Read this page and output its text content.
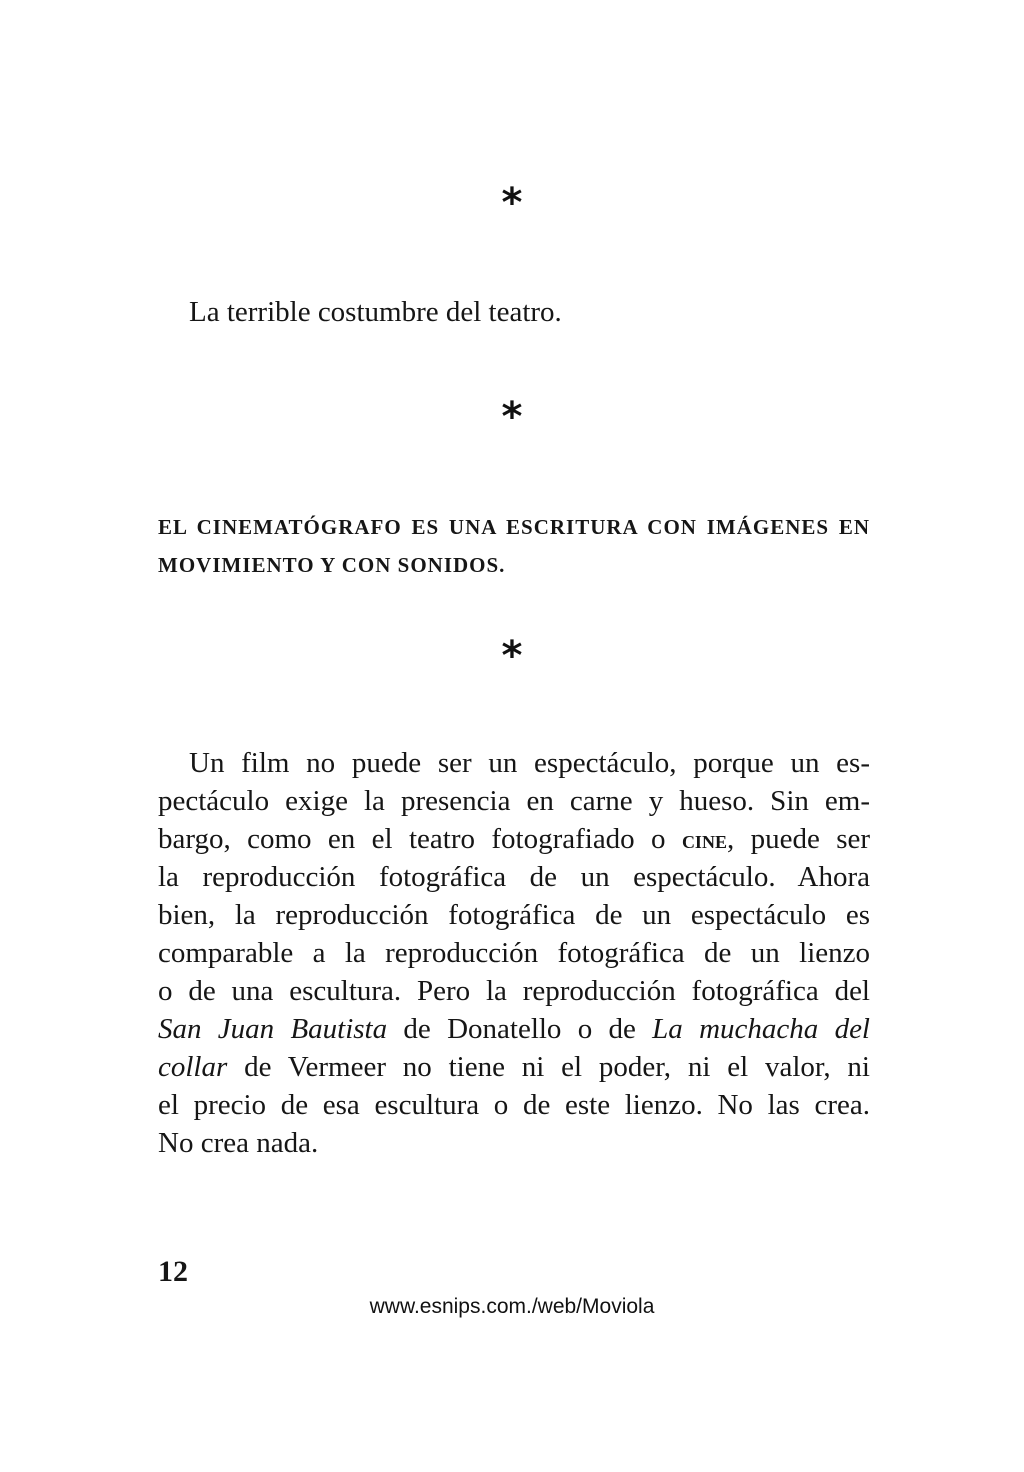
*
La terrible costumbre del teatro.
*
EL CINEMATÓGRAFO ES UNA ESCRITURA CON IMÁGENES EN MOVIMIENTO Y CON SONIDOS.
*
Un film no puede ser un espectáculo, porque un es-
pectáculo exige la presencia en carne y hueso. Sin em-
bargo, como en el teatro fotografiado o cine, puede ser
la reproducción fotográfica de un espectáculo. Ahora
bien, la reproducción fotográfica de un espectáculo es
comparable a la reproducción fotográfica de un lienzo
o de una escultura. Pero la reproducción fotográfica del
San Juan Bautista de Donatello o de La muchacha del
collar de Vermeer no tiene ni el poder, ni el valor, ni
el precio de esa escultura o de este lienzo. No las crea.
No crea nada.
12
www.esnips.com./web/Moviola
